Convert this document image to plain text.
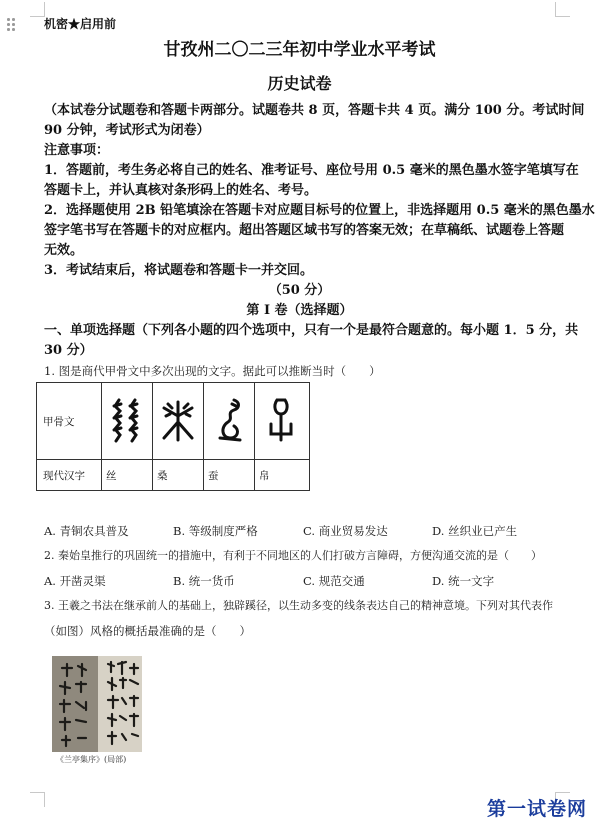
机密★启用前
甘孜州二〇二三年初中学业水平考试
历史试卷
（本试卷分试题卷和答题卡两部分。试题卷共 8 页，答题卡共 4 页。满分 100 分。考试时间
90 分钟，考试形式为闭卷）
注意事项：
1．答题前，考生务必将自己的姓名、准考证号、座位号用 0.5 毫米的黑色墨水签字笔填写在
答题卡上，并认真核对条形码上的姓名、考号。
2．选择题使用 2B 铅笔填涂在答题卡对应题目标号的位置上，非选择题用 0.5 毫米的黑色墨水
签字笔书写在答题卡的对应框内。超出答题区域书写的答案无效；在草稿纸、试题卷上答题
无效。
3．考试结束后，将试题卷和答题卡一并交回。
（50 分）
第 I 卷（选择题）
一、单项选择题（下列各小题的四个选项中，只有一个是最符合题意的。每小题 1．5 分，共
30 分）
1. 图是商代甲骨文中多次出现的文字。据此可以推断当时（　　）
甲骨文				
现代汉字	丝	桑	蚕	帛
A. 青铜农具普及	B. 等级制度严格	C. 商业贸易发达	D. 丝织业已产生
2. 秦始皇推行的巩固统一的措施中，有利于不同地区的人们打破方言障碍，方便沟通交流的是（　　）
A. 开凿灵渠	B. 统一货币	C. 规范交通	D. 统一文字
3. 王羲之书法在继承前人的基础上，独辟蹊径，以生动多变的线条表达自己的精神意境。下列对其代表作
（如图）风格的概括最准确的是（　　）
《兰亭集序》(局部)
第一试卷网
